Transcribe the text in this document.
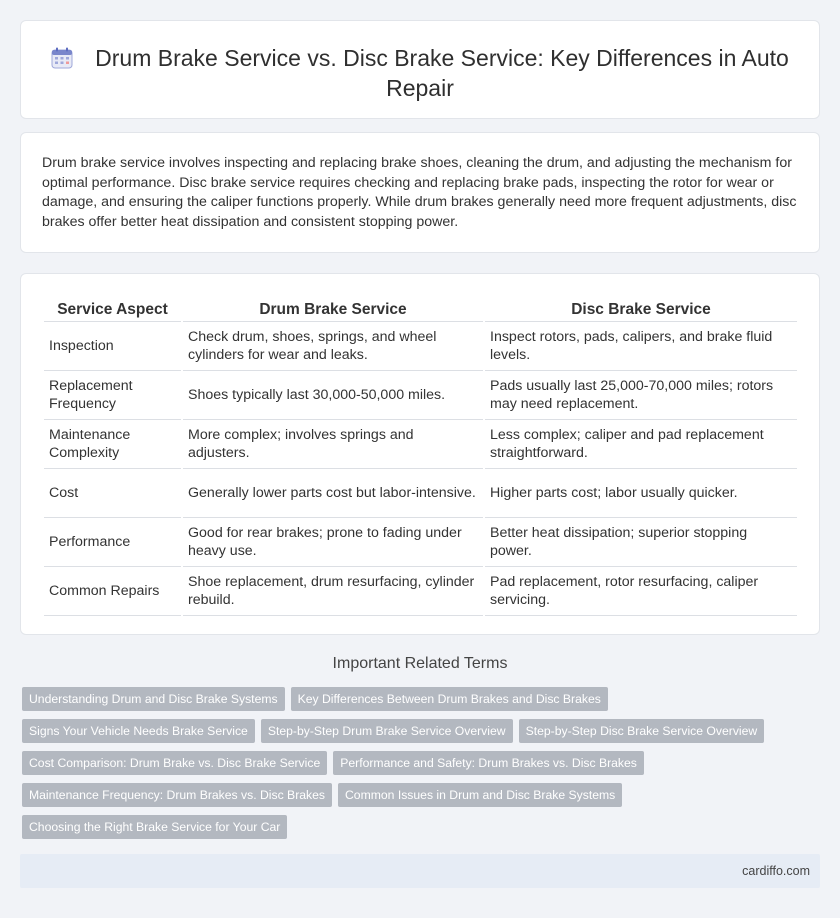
Drum Brake Service vs. Disc Brake Service: Key Differences in Auto Repair

Drum brake service involves inspecting and replacing brake shoes, cleaning the drum, and adjusting the mechanism for optimal performance. Disc brake service requires checking and replacing brake pads, inspecting the rotor for wear or damage, and ensuring the caliper functions properly. While drum brakes generally need more frequent adjustments, disc brakes offer better heat dissipation and consistent stopping power.

Service Aspect	Drum Brake Service	Disc Brake Service
Inspection	Check drum, shoes, springs, and wheel cylinders for wear and leaks.	Inspect rotors, pads, calipers, and brake fluid levels.
Replacement Frequency	Shoes typically last 30,000-50,000 miles.	Pads usually last 25,000-70,000 miles; rotors may need replacement.
Maintenance Complexity	More complex; involves springs and adjusters.	Less complex; caliper and pad replacement straightforward.
Cost	Generally lower parts cost but labor-intensive.	Higher parts cost; labor usually quicker.
Performance	Good for rear brakes; prone to fading under heavy use.	Better heat dissipation; superior stopping power.
Common Repairs	Shoe replacement, drum resurfacing, cylinder rebuild.	Pad replacement, rotor resurfacing, caliper servicing.
Important Related Terms
Understanding Drum and Disc Brake Systems Key Differences Between Drum Brakes and Disc Brakes
Signs Your Vehicle Needs Brake Service Step-by-Step Drum Brake Service Overview Step-by-Step Disc Brake Service Overview
Cost Comparison: Drum Brake vs. Disc Brake Service Performance and Safety: Drum Brakes vs. Disc Brakes
Maintenance Frequency: Drum Brakes vs. Disc Brakes Common Issues in Drum and Disc Brake Systems
Choosing the Right Brake Service for Your Car
cardiffo.com
